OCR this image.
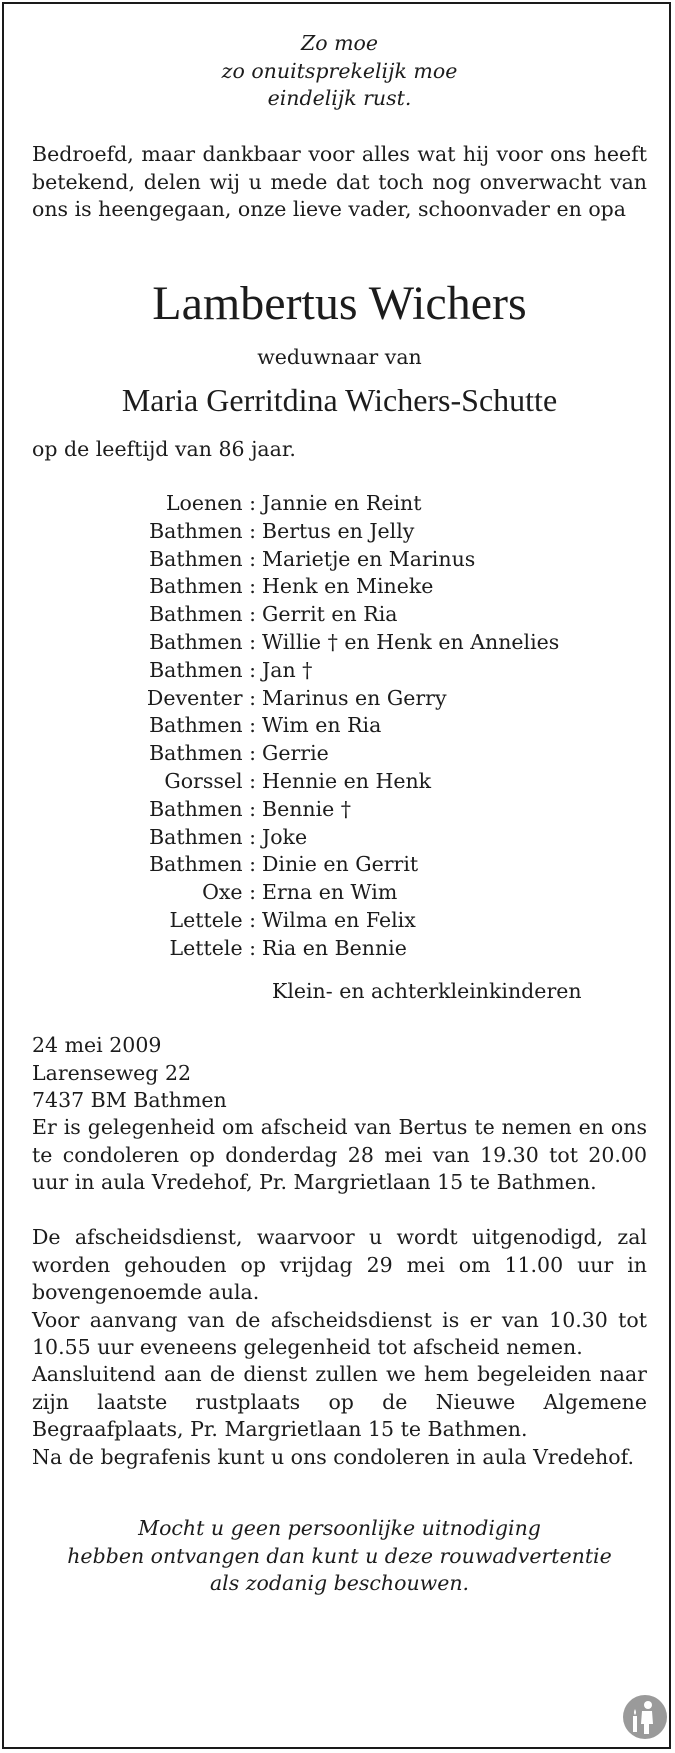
Zo moe
zo onuitsprekelijk moe
eindelijk rust.
Bedroefd, maar dankbaar voor alles wat hij voor ons heeft betekend, delen wij u mede dat toch nog onverwacht van ons is heengegaan, onze lieve vader, schoonvader en opa
Lambertus Wichers
weduwnaar van
Maria Gerritdina Wichers-Schutte
op de leeftijd van 86 jaar.
Loenen : Jannie en Reint
Bathmen : Bertus en Jelly
Bathmen : Marietje en Marinus
Bathmen : Henk en Mineke
Bathmen : Gerrit en Ria
Bathmen : Willie † en Henk en Annelies
Bathmen : Jan †
Deventer : Marinus en Gerry
Bathmen : Wim en Ria
Bathmen : Gerrie
Gorssel : Hennie en Henk
Bathmen : Bennie †
Bathmen : Joke
Bathmen : Dinie en Gerrit
Oxe : Erna en Wim
Lettele : Wilma en Felix
Lettele : Ria en Bennie
Klein- en achterkleinkinderen
24 mei 2009
Larenseweg 22
7437 BM Bathmen
Er is gelegenheid om afscheid van Bertus te nemen en ons te condoleren op donderdag 28 mei van 19.30 tot 20.00 uur in aula Vredehof, Pr. Margrietlaan 15 te Bathmen.
De afscheidsdienst, waarvoor u wordt uitgenodigd, zal worden gehouden op vrijdag 29 mei om 11.00 uur in bovengenoemde aula.
Voor aanvang van de afscheidsdienst is er van 10.30 tot 10.55 uur eveneens gelegenheid tot afscheid nemen.
Aansluitend aan de dienst zullen we hem begeleiden naar zijn laatste rustplaats op de Nieuwe Algemene Begraafplaats, Pr. Margrietlaan 15 te Bathmen.
Na de begrafenis kunt u ons condoleren in aula Vredehof.
Mocht u geen persoonlijke uitnodiging
hebben ontvangen dan kunt u deze rouwadvertentie
als zodanig beschouwen.
